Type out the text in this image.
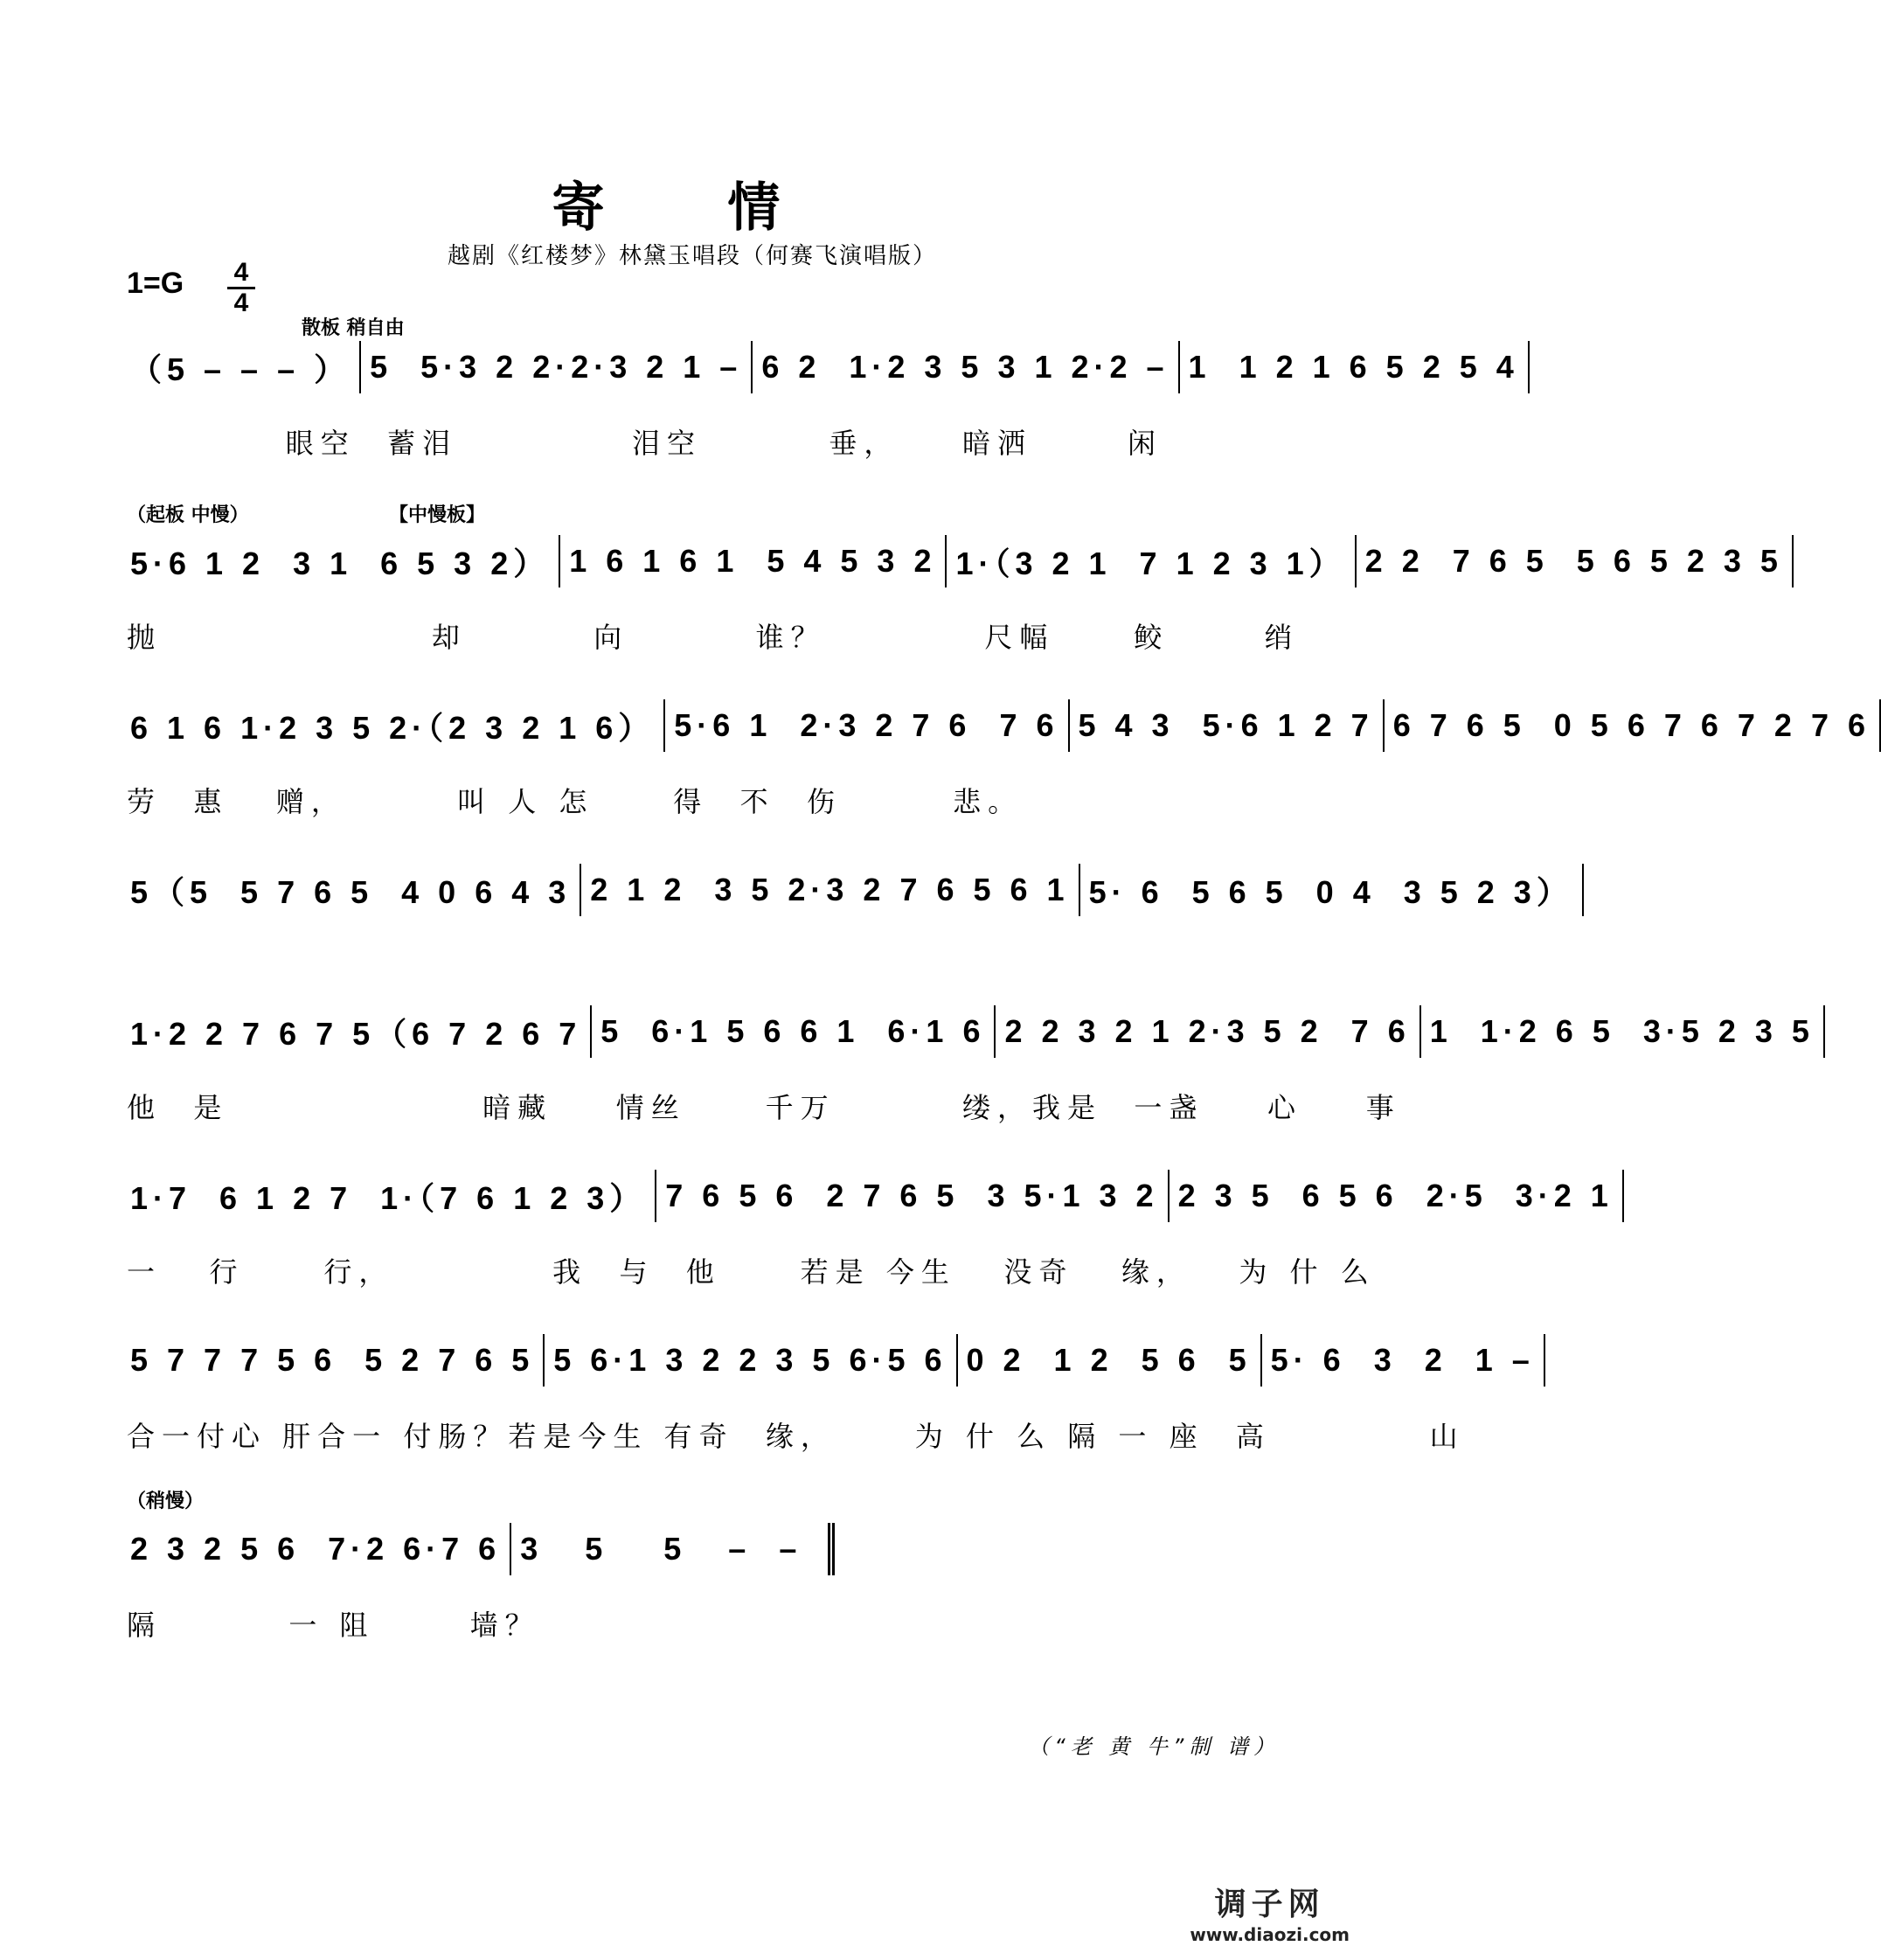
寄 情
越剧《红楼梦》林黛玉唱段（何赛飞演唱版）
1=G	4
4
散板 稍自由
（5 – – – ） 5  5·3 2 2·2·3 2 1 – 6 2  1·2 3 5 3 1 2·2 – 1  1 2 1 6 5 2 5 4
眼空  蓄泪           泪空        垂，    暗洒      闲
（起板 中慢）	【中慢板】
5·6 1 2  3 1  6 5 3 2） 1 6 1 6 1  5 4 5 3 2 1·（3 2 1  7 1 2 3 1） 2 2  7 6 5  5 6 5 2 3 5
抛                 却        向        谁？          尺幅     鲛      绡
6 1 6 1·2 3 5 2·（2 3 2 1 6） 5·6 1  2·3 2 7 6  7 6 5 4 3  5·6 1 2 7 6 7 6 5  0 5 6 7 6 7 2 7 6
劳  惠   赠，       叫 人 怎     得  不  伤       悲。
5（5  5 7 6 5  4 0 6 4 3 2 1 2  3 5 2·3 2 7 6 5 6 1 5· 6  5 6 5  0 4  3 5 2 3）
1·2 2 7 6 7 5（6 7 2 6 7 5  6·1 5 6 6 1  6·1 6 2 2 3 2 1 2·3 5 2  7 6 1  1·2 6 5  3·5 2 3 5
他  是                暗藏    情丝     千万        缕，我是  一盏    心    事
1·7  6 1 2 7  1·（7 6 1 2 3） 7 6 5 6  2 7 6 5  3 5·1 3 2 2 3 5  6 5 6  2·5  3·2 1
一   行     行，          我  与  他     若是 今生   没奇   缘，   为 什 么
5 7 7 7 5 6  5 2 7 6 5 5 6·1 3 2 2 3 5 6·5 6 0 2  1 2  5 6  5 5· 6  3  2  1 –
合一付心 肝合一 付肠？若是今生 有奇  缘，     为 什 么 隔 一 座  高          山
（稍慢）
2 3 2 5 6  7·2 6·7 6 3   5    5   –  –
隔        一 阻      墙？
（“老 黄 牛”制 谱）
调子网
www.diaozi.com
